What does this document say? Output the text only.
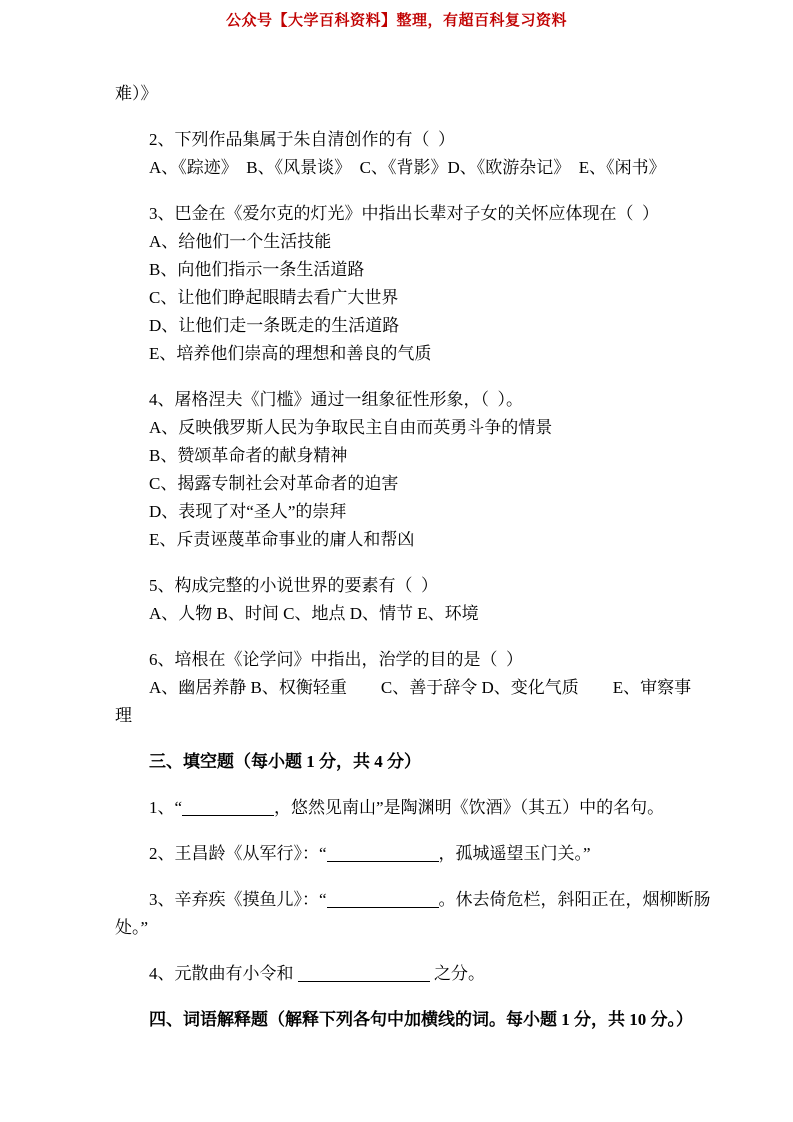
公众号【大学百科资料】整理，有超百科复习资料

难）》

2、下列作品集属于朱自清创作的有（  ）

A、《踪迹》　B、《风景谈》　C、《背影》D、《欧游杂记》　E、《闲书》

3、巴金在《爱尔克的灯光》中指出长辈对子女的关怀应体现在（  ）

A、给他们一个生活技能

B、向他们指示一条生活道路

C、让他们睁起眼睛去看广大世界

D、让他们走一条既走的生活道路

E、培养他们崇高的理想和善良的气质

4、屠格涅夫《门槛》通过一组象征性形象，（  ）。

A、反映俄罗斯人民为争取民主自由而英勇斗争的情景

B、赞颂革命者的献身精神

C、揭露专制社会对革命者的迫害

D、表现了对“圣人”的崇拜

E、斥责诬蔑革命事业的庸人和帮凶

5、构成完整的小说世界的要素有（  ）

A、人物 B、时间 C、地点 D、情节 E、环境

6、培根在《论学问》中指出，治学的目的是（  ）

A、幽居养静 B、权衡轻重　　C、善于辞令 D、变化气质　　E、审察事

理

三、填空题（每小题 1 分，共 4 分）

1、“	，悠然见南山”是陶渊明《饮酒》（其五）中的名句。

2、王昌龄《从军行》：“	，孤城遥望玉门关。”

3、辛弃疾《摸鱼儿》：“	。休去倚危栏，斜阳正在，烟柳断肠

处。”

4、元散曲有小令和	之分。

四、词语解释题（解释下列各句中加横线的词。每小题 1 分，共 10 分。）
